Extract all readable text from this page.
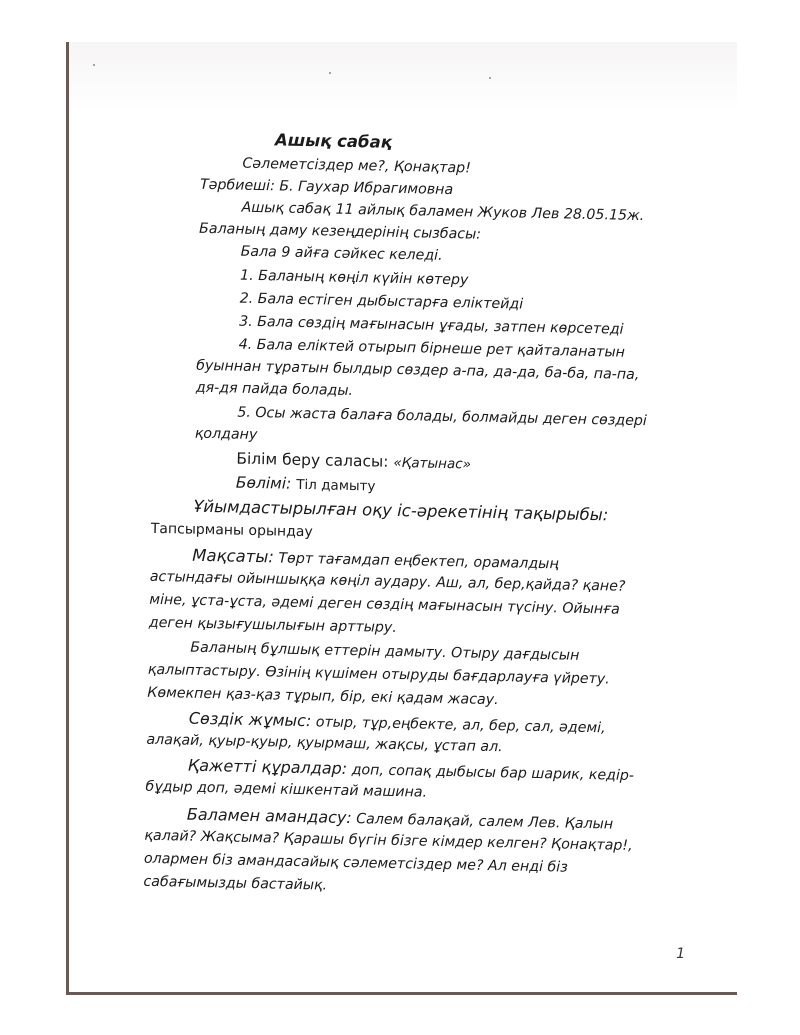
Ашық сабақ
Сәлеметсіздер ме?, Қонақтар!
Тәрбиеші: Б. Гаухар Ибрагимовна
Ашық сабақ 11 айлық баламен Жуков Лев 28.05.15ж.
Баланың даму кезеңдерінің сызбасы:
Бала 9 айға сәйкес келеді.
1. Баланың көңіл күйін көтеру
2. Бала естіген дыбыстарға еліктейді
3. Бала сөздің мағынасын ұғады, затпен көрсетеді
4. Бала еліктей отырып бірнеше рет қайталанатын
буыннан тұратын былдыр сөздер а-па, да-да, ба-ба, па-па,
дя-дя пайда болады.
5. Осы жаста балаға болады, болмайды деген сөздері
қолдану
Білім беру саласы: «Қатынас»
Бөлімі: Тіл дамыту
Ұйымдастырылған оқу іс-әрекетінің тақырыбы:
Тапсырманы орындау
Мақсаты: Төрт тағамдап еңбектеп, орамалдың
астындағы ойыншыққа көңіл аудару. Аш, ал, бер,қайда? қане?
міне, ұста-ұста, әдемі деген сөздің мағынасын түсіну. Ойынға
деген қызығушылығын арттыру.
Баланың бұлшық еттерін дамыту. Отыру дағдысын
қалыптастыру. Өзінің күшімен отыруды бағдарлауға үйрету.
Көмекпен қаз-қаз тұрып, бір, екі қадам жасау.
Сөздік жұмыс: отыр, тұр,еңбекте, ал, бер, сал, әдемі,
алақай, қуыр-қуыр, қуырмаш, жақсы, ұстап ал.
Қажетті құралдар: доп, сопақ дыбысы бар шарик, кедір-
бұдыр доп, әдемі кішкентай машина.
Баламен амандасу: Салем балақай, салем Лев. Қалын
қалай? Жақсыма? Қарашы бүгін бізге кімдер келген? Қонақтар!,
олармен біз амандасайық сәлеметсіздер ме? Ал енді біз
сабағымызды бастайық.
1
